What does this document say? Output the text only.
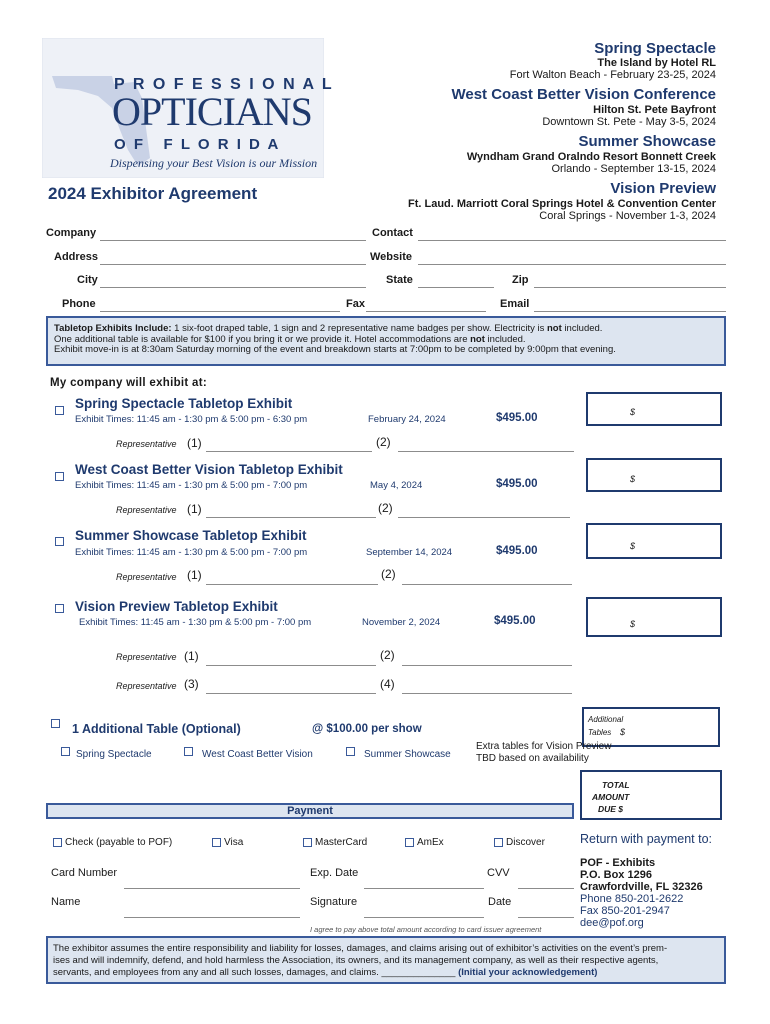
P R O F E S S I O N A L
OPTICIANS
O F   F L O R I D A
Dispensing your Best Vision is our Mission
Spring Spectacle
The Island by Hotel RL
Fort Walton Beach - February 23-25, 2024
West Coast Better Vision Conference
Hilton St. Pete Bayfront
Downtown St. Pete - May 3-5, 2024
Summer Showcase
Wyndham Grand Oralndo Resort Bonnett Creek
Orlando - September 13-15, 2024
Vision Preview
Ft. Laud. Marriott Coral Springs Hotel & Convention Center
Coral Springs - November 1-3, 2024
2024 Exhibitor Agreement
Company	Contact
Address	Website
City	State	Zip
Phone	Fax	Email
Tabletop Exhibits Include: 1 six-foot draped table, 1 sign and 2 representative name badges per show. Electricity is not included.
One additional table is available for $100 if you bring it or we provide it. Hotel accommodations are not included.
Exhibit move-in is at 8:30am Saturday morning of the event and breakdown starts at 7:00pm to be completed by 9:00pm that evening.
My company will exhibit at:
Spring Spectacle Tabletop Exhibit
Exhibit Times: 11:45 am - 1:30 pm & 5:00 pm - 6:30 pm	February 24, 2024	$495.00	$
Representative (1)	(2)
West Coast Better Vision Tabletop Exhibit
Exhibit Times: 11:45 am - 1:30 pm & 5:00 pm - 7:00 pm	May 4, 2024	$495.00	$
Representative (1)	(2)
Summer Showcase Tabletop Exhibit
Exhibit Times: 11:45 am - 1:30 pm & 5:00 pm - 7:00 pm	September 14, 2024	$495.00	$
Representative (1)	(2)
Vision Preview Tabletop Exhibit
Exhibit Times: 11:45 am - 1:30 pm & 5:00 pm - 7:00 pm	November 2, 2024	$495.00	$
Representative (1)	(2)
Representative (3)	(4)
1 Additional Table (Optional)	@ $100.00 per show
Additional
Tables $
Spring Spectacle	West Coast Better Vision	Summer Showcase
Extra tables for Vision Preview
TBD based on availability
TOTAL
AMOUNT
DUE $
Payment
Check (payable to POF)	Visa	MasterCard	AmEx	Discover
Card Number	Exp. Date	CVV
Name	Signature	Date
I agree to pay above total amount according to card issuer agreement
Return with payment to:
POF - Exhibits
P.O. Box 1296
Crawfordville, FL 32326
Phone 850-201-2622
Fax 850-201-2947
dee@pof.org
The exhibitor assumes the entire responsibility and liability for losses, damages, and claims arising out of exhibitor’s activities on the event’s prem-
ises and will indemnify, defend, and hold harmless the Association, its owners, and its management company, as well as their respective agents,
servants, and employees from any and all such losses, damages, and claims. ______________ (Initial your acknowledgement)
